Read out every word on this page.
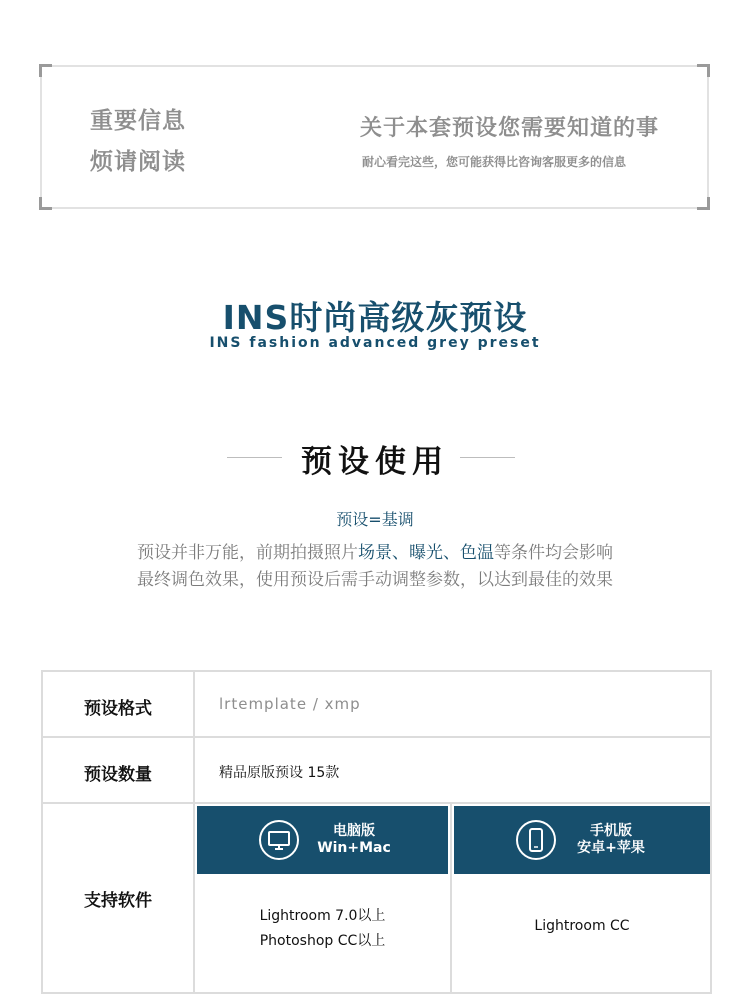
重要信息
烦请阅读
关于本套预设您需要知道的事
耐心看完这些，您可能获得比咨询客服更多的信息
INS时尚高级灰预设
INS fashion advanced grey preset
预设使用
预设=基调
预设并非万能，前期拍摄照片场景、曝光、色温等条件均会影响
最终调色效果，使用预设后需手动调整参数，以达到最佳的效果
预设格式	lrtemplate / xmp
预设数量	精品原版预设 15款
支持软件
电脑版
Win+Mac
Lightroom 7.0以上
Photoshop CC以上
手机版
安卓+苹果
Lightroom CC
